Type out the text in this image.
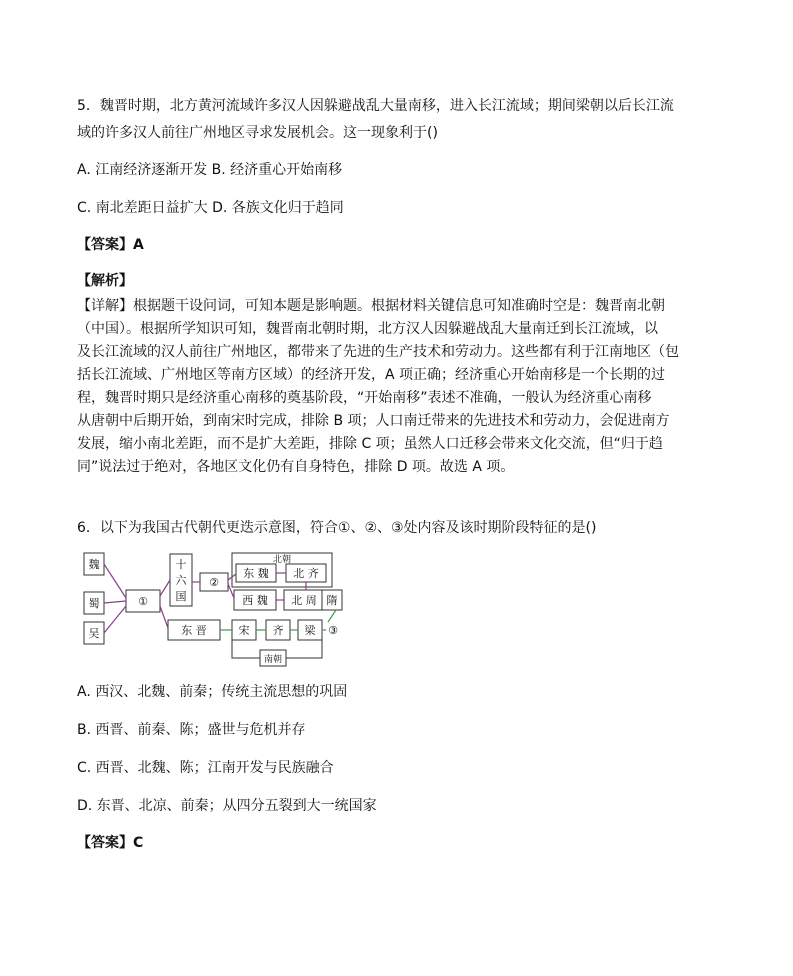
5．魏晋时期，北方黄河流域许多汉人因躲避战乱大量南移，进入长江流域；期间梁朝以后长江流

域的许多汉人前往广州地区寻求发展机会。这一现象利于()

A. 江南经济逐渐开发 B. 经济重心开始南移

C. 南北差距日益扩大 D. 各族文化归于趋同

【答案】A

【解析】

【详解】根据题干设问词，可知本题是影响题。根据材料关键信息可知准确时空是：魏晋南北朝
（中国）。根据所学知识可知，魏晋南北朝时期，北方汉人因躲避战乱大量南迁到长江流域，以
及长江流域的汉人前往广州地区，都带来了先进的生产技术和劳动力。这些都有利于江南地区（包
括长江流域、广州地区等南方区域）的经济开发，A 项正确；经济重心开始南移是一个长期的过
程，魏晋时期只是经济重心南移的奠基阶段，“开始南移”表述不准确，一般认为经济重心南移
从唐朝中后期开始，到南宋时完成，排除 B 项；人口南迁带来的先进技术和劳动力，会促进南方
发展，缩小南北差距，而不是扩大差距，排除 C 项；虽然人口迁移会带来文化交流，但“归于趋
同”说法过于绝对，各地区文化仍有自身特色，排除 D 项。故选 A 项。

6．以下为我国古代朝代更迭示意图，符合①、②、③处内容及该时期阶段特征的是()

魏
蜀
吴
①
十
六
国
②
北朝
东 魏 北 齐
西 魏 北 周 隋
东 晋	宋 齐 梁 ③
南朝

A. 西汉、北魏、前秦；传统主流思想的巩固

B. 西晋、前秦、陈；盛世与危机并存

C. 西晋、北魏、陈；江南开发与民族融合

D. 东晋、北凉、前秦；从四分五裂到大一统国家

【答案】C
